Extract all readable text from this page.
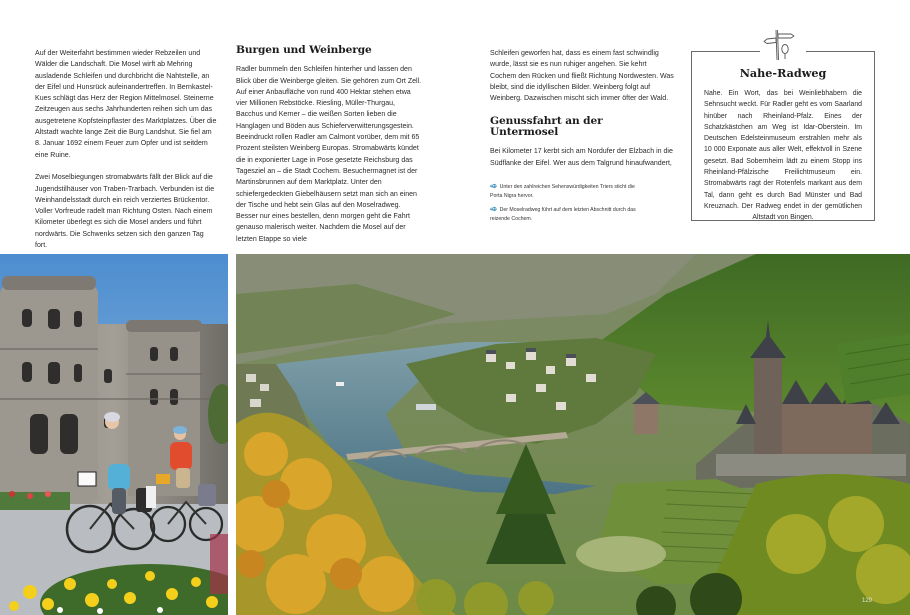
Auf der Weiterfahrt bestimmen wieder Rebzeilen und Wälder die Landschaft. Die Mosel wirft ab Mehring ausladende Schleifen und durchbricht die Nahtstelle, an der Eifel und Hunsrück aufeinandertreffen. In Bernkastel-Kues schlägt das Herz der Region Mittelmosel. Steinerne Zeitzeugen aus sechs Jahrhunderten reihen sich um das ausgetretene Kopfsteinpflaster des Marktplatzes. Über die Altstadt wachte lange Zeit die Burg Landshut. Sie fiel am 8. Januar 1692 einem Feuer zum Opfer und ist seitdem eine Ruine.

Zwei Moselbiegungen stromabwärts fällt der Blick auf die Jugendstilhäuser von Traben-Trarbach. Verbunden ist die Weinhandelsstadt durch ein reich verziertes Brückentor. Voller Vorfreude radelt man Richtung Osten. Nach einem Kilometer überlegt es sich die Mosel anders und führt nordwärts. Die Schwenks setzen sich den ganzen Tag fort.

Burgen und Weinberge

Radler bummeln den Schleifen hinterher und lassen den Blick über die Weinberge gleiten. Sie gehören zum Ort Zell. Auf einer Anbaufläche von rund 400 Hektar stehen etwa vier Millionen Rebstöcke. Riesling, Müller-Thurgau, Bacchus und Kerner – die weißen Sorten lieben die Hanglagen und Böden aus Schieferverwitterungsgestein. Beeindruckt rollen Radler am Calmont vorüber, dem mit 65 Prozent steilsten Weinberg Europas. Stromabwärts kündet die in exponierter Lage in Pose gesetzte Reichsburg das Tagesziel an – die Stadt Cochem. Besuchermagnet ist der Martinsbrunnen auf dem Marktplatz. Unter den schiefergedeckten Giebelhäusern setzt man sich an einen der Tische und hebt sein Glas auf den Moselradweg. Besser nur eines bestellen, denn morgen geht die Fahrt genauso malerisch weiter. Nachdem die Mosel auf der letzten Etappe so viele

Schleifen geworfen hat, dass es einem fast schwindlig wurde, lässt sie es nun ruhiger angehen. Sie kehrt Cochem den Rücken und fließt Richtung Nordwesten. Was bleibt, sind die idyllischen Bilder. Weinberg folgt auf Weinberg. Dazwischen mischt sich immer öfter der Wald.

Genussfahrt an der Untermosel

Bei Kilometer 17 kerbt sich am Nordufer der Elzbach in die Südflanke der Eifel. Wer aus dem Talgrund hinaufwandert,

⬲ Unter den zahlreichen Sehenswürdigkeiten Triers sticht die Porta Nigra hervor.
⬲ Der Moselradweg führt auf dem letzten Abschnitt durch das reizende Cochem.
Nahe-Radweg
Nahe. Ein Wort, das bei Weinliebhabern die Sehnsucht weckt. Für Radler geht es vom Saarland hinüber nach Rheinland-Pfalz. Eines der Schatzkästchen am Weg ist Idar-Oberstein. Im Deutschen Edelsteinmuseum erstrahlen mehr als 10 000 Exponate aus aller Welt, effektvoll in Szene gesetzt. Bad Sobernheim lädt zu einem Stopp ins Rheinland-Pfälzische Freilichtmuseum ein. Stromabwärts ragt der Rotenfels markant aus dem Tal, dann geht es durch Bad Münster und Bad Kreuznach. Der Radweg endet in der gemütlichen Altstadt von Bingen.
129
